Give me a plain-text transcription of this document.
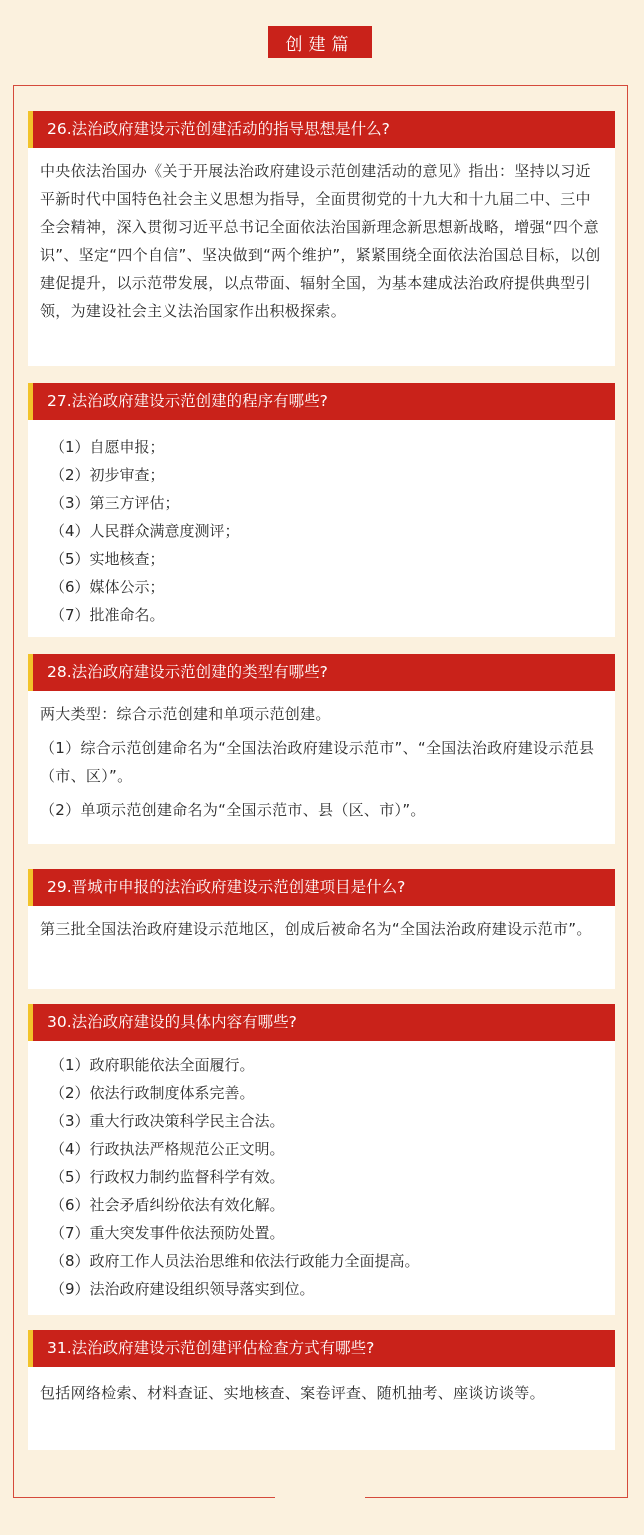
创建篇
26.法治政府建设示范创建活动的指导思想是什么?
中央依法治国办《关于开展法治政府建设示范创建活动的意见》指出：坚持以习近平新时代中国特色社会主义思想为指导，全面贯彻党的十九大和十九届二中、三中全会精神，深入贯彻习近平总书记全面依法治国新理念新思想新战略，增强“四个意识”、坚定“四个自信”、坚决做到“两个维护”，紧紧围绕全面依法治国总目标，以创建促提升，以示范带发展，以点带面、辐射全国，为基本建成法治政府提供典型引领，为建设社会主义法治国家作出积极探索。
27.法治政府建设示范创建的程序有哪些?
（1）自愿申报；
（2）初步审查；
（3）第三方评估；
（4）人民群众满意度测评；
（5）实地核查；
（6）媒体公示；
（7）批准命名。
28.法治政府建设示范创建的类型有哪些?
两大类型：综合示范创建和单项示范创建。
（1）综合示范创建命名为“全国法治政府建设示范市”、“全国法治政府建设示范县（市、区）”。
（2）单项示范创建命名为“全国示范市、县（区、市）”。
29.晋城市申报的法治政府建设示范创建项目是什么?
第三批全国法治政府建设示范地区，创成后被命名为“全国法治政府建设示范市”。
30.法治政府建设的具体内容有哪些?
（1）政府职能依法全面履行。
（2）依法行政制度体系完善。
（3）重大行政决策科学民主合法。
（4）行政执法严格规范公正文明。
（5）行政权力制约监督科学有效。
（6）社会矛盾纠纷依法有效化解。
（7）重大突发事件依法预防处置。
（8）政府工作人员法治思维和依法行政能力全面提高。
（9）法治政府建设组织领导落实到位。
31.法治政府建设示范创建评估检查方式有哪些?
包括网络检索、材料查证、实地核查、案卷评查、随机抽考、座谈访谈等。
